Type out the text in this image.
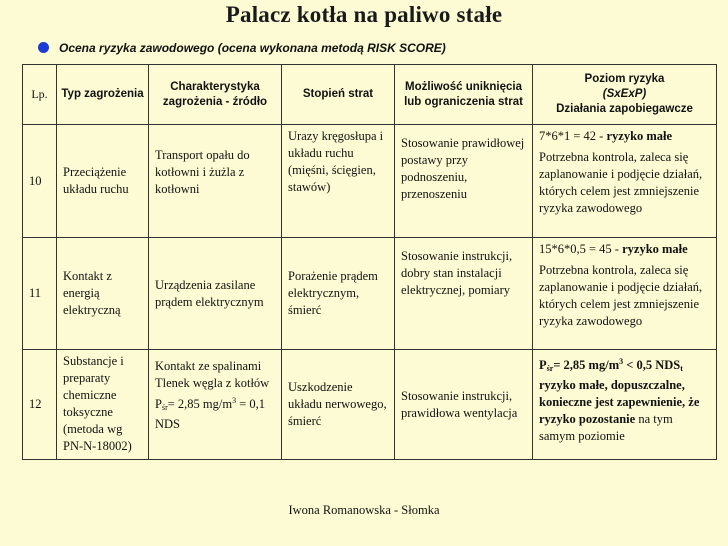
Palacz kotła na paliwo stałe
Ocena ryzyka zawodowego (ocena wykonana metodą RISK SCORE)
Lp.	Typ zagrożenia	Charakterystyka zagrożenia - źródło	Stopień strat	Możliwość uniknięcia lub ograniczenia strat	Poziom ryzyka
(SxExP)
Działania zapobiegawcze

10	Przeciążenie układu ruchu	Transport opału do kotłowni i żużla z kotłowni	Urazy kręgosłupa i układu ruchu (mięśni, ścięgien, stawów)	Stosowanie prawidłowej postawy przy podnoszeniu, przenoszeniu	7*6*1 = 42 - ryzyko małe
Potrzebna kontrola, zaleca się zaplanowanie i podjęcie działań, których celem jest zmniejszenie ryzyka zawodowego

11	Kontakt z energią elektryczną	Urządzenia zasilane prądem elektrycznym	Porażenie prądem elektrycznym, śmierć	Stosowanie instrukcji, dobry stan instalacji elektrycznej, pomiary	15*6*0,5 = 45 - ryzyko małe
Potrzebna kontrola, zaleca się zaplanowanie i podjęcie działań, których celem jest zmniejszenie ryzyka zawodowego

12	Substancje i preparaty chemiczne toksyczne (metoda wg PN-N-18002)	Kontakt ze spalinami Tlenek węgla z kotłów $P_{śr}= 2,85$ $mg/m^3 = 0,1$ NDS	Uszkodzenie układu nerwowego, śmierć	Stosowanie instrukcji, prawidłowa wentylacja	$P_{śr}= 2,85$ $mg/m^3 < 0,5$ $NDS_t$ ryzyko małe, dopuszczalne, konieczne jest zapewnienie, że ryzyko pozostanie na tym samym poziomie
Iwona Romanowska - Słomka
